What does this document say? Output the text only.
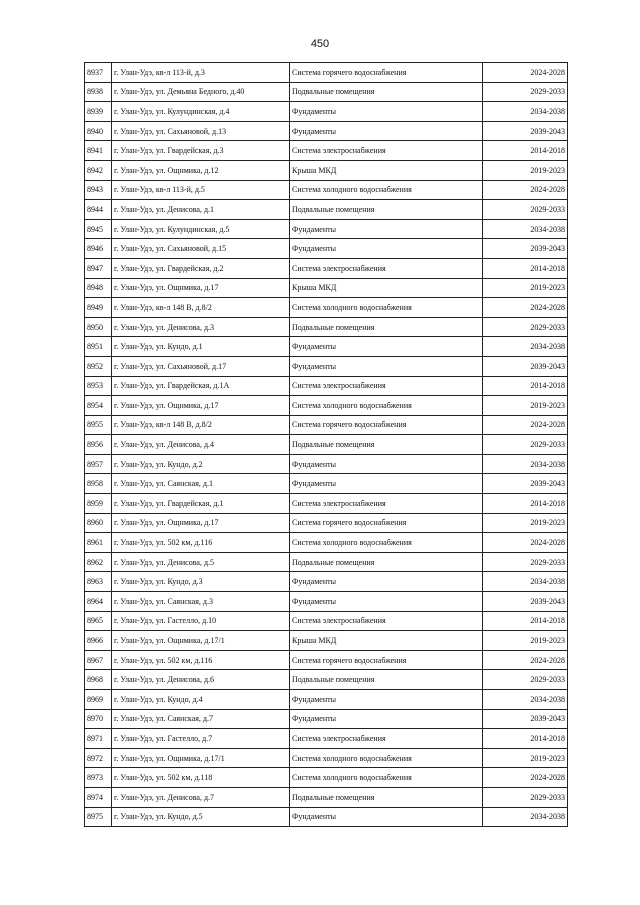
450
8937	г. Улан-Удэ, кв-л 113-й, д.3	Система горячего водоснабжения	2024-2028
8938	г. Улан-Удэ, ул. Демьяна Бедного, д.40	Подвальные помещения	2029-2033
8939	г. Улан-Удэ, ул. Кулундинская, д.4	Фундаменты	2034-2038
8940	г. Улан-Удэ, ул. Сахьяновой, д.13	Фундаменты	2039-2043
8941	г. Улан-Удэ, ул. Гвардейская, д.3	Система электроснабжения	2014-2018
8942	г. Улан-Удэ, ул. Ощнмика, д.12	Крыша МКД	2019-2023
8943	г. Улан-Удэ, кв-л 113-й, д.5	Система холодного водоснабжения	2024-2028
8944	г. Улан-Удэ, ул. Денисова, д.1	Подвальные помещения	2029-2033
8945	г. Улан-Удэ, ул. Кулундинская, д.5	Фундаменты	2034-2038
8946	г. Улан-Удэ, ул. Сахьяновой, д.15	Фундаменты	2039-2043
8947	г. Улан-Удэ, ул. Гвардейская, д.2	Система электроснабжения	2014-2018
8948	г. Улан-Удэ, ул. Ощнмика, д.17	Крыша МКД	2019-2023
8949	г. Улан-Удэ, кв-л 148 В, д.8/2	Система холодного водоснабжения	2024-2028
8950	г. Улан-Удэ, ул. Денисова, д.3	Подвальные помещения	2029-2033
8951	г. Улан-Удэ, ул. Кундо, д.1	Фундаменты	2034-2038
8952	г. Улан-Удэ, ул. Сахьяновой, д.17	Фундаменты	2039-2043
8953	г. Улан-Удэ, ул. Гвардейская, д.1А	Система электроснабжения	2014-2018
8954	г. Улан-Удэ, ул. Ощнмика, д.17	Система холодного водоснабжения	2019-2023
8955	г. Улан-Удэ, кв-л 148 В, д.8/2	Система горячего водоснабжения	2024-2028
8956	г. Улан-Удэ, ул. Денисова, д.4	Подвальные помещения	2029-2033
8957	г. Улан-Удэ, ул. Кундо, д.2	Фундаменты	2034-2038
8958	г. Улан-Удэ, ул. Саянская, д.1	Фундаменты	2039-2043
8959	г. Улан-Удэ, ул. Гвардейская, д.1	Система электроснабжения	2014-2018
8960	г. Улан-Удэ, ул. Ощнмика, д.17	Система горячего водоснабжения	2019-2023
8961	г. Улан-Удэ, ул. 502 км, д.116	Система холодного водоснабжения	2024-2028
8962	г. Улан-Удэ, ул. Денисова, д.5	Подвальные помещения	2029-2033
8963	г. Улан-Удэ, ул. Кундо, д.3	Фундаменты	2034-2038
8964	г. Улан-Удэ, ул. Саянская, д.3	Фундаменты	2039-2043
8965	г. Улан-Удэ, ул. Гастелло, д.10	Система электроснабжения	2014-2018
8966	г. Улан-Удэ, ул. Ощнмика, д.17/1	Крыша МКД	2019-2023
8967	г. Улан-Удэ, ул. 502 км, д.116	Система горячего водоснабжения	2024-2028
8968	г. Улан-Удэ, ул. Денисова, д.6	Подвальные помещения	2029-2033
8969	г. Улан-Удэ, ул. Кундо, д.4	Фундаменты	2034-2038
8970	г. Улан-Удэ, ул. Саянская, д.7	Фундаменты	2039-2043
8971	г. Улан-Удэ, ул. Гастелло, д.7	Система электроснабжения	2014-2018
8972	г. Улан-Удэ, ул. Ощнмика, д.17/1	Система холодного водоснабжения	2019-2023
8973	г. Улан-Удэ, ул. 502 км, д.118	Система холодного водоснабжения	2024-2028
8974	г. Улан-Удэ, ул. Денисова, д.7	Подвальные помещения	2029-2033
8975	г. Улан-Удэ, ул. Кундо, д.5	Фундаменты	2034-2038
